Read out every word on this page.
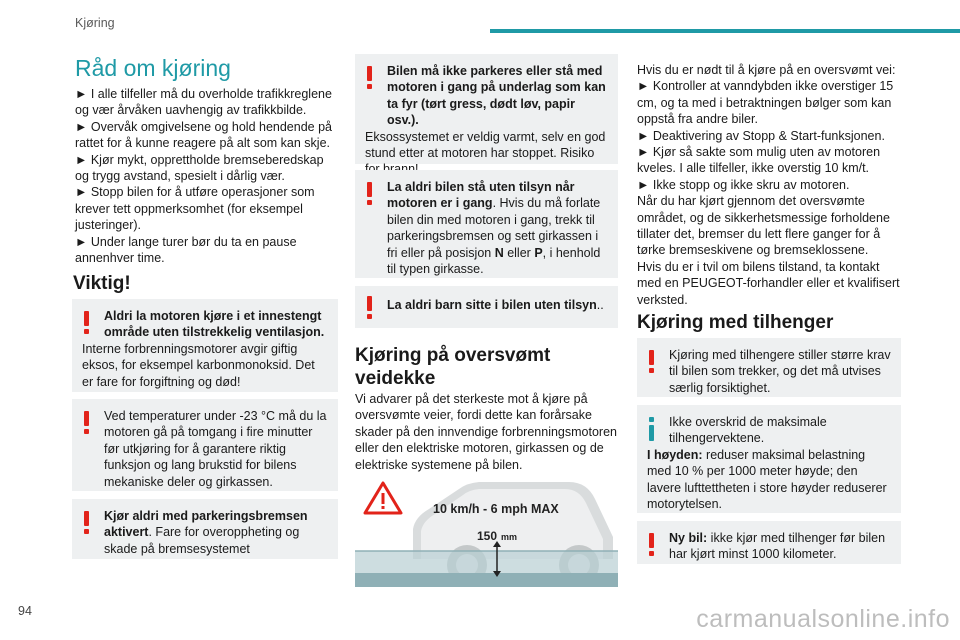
Kjøring
94
Råd om kjøring

► I alle tilfeller må du overholde trafikkreglene og vær årvåken uavhengig av trafikkbilde.

► Overvåk omgivelsene og hold hendende på rattet for å kunne reagere på alt som kan skje.

► Kjør mykt, opprettholde bremseberedskap og trygg avstand, spesielt i dårlig vær.

► Stopp bilen for å utføre operasjoner som krever tett oppmerksomhet (for eksempel justeringer).

► Under lange turer bør du ta en pause annenhver time.

Viktig!
Aldri la motoren kjøre i et innestengt område uten tilstrekkelig ventilasjon.
Interne forbrenningsmotorer avgir giftig eksos, for eksempel karbonmonoksid. Det er fare for forgiftning og død!
Ved temperaturer under -23 °C må du la motoren gå på tomgang i fire minutter før utkjøring for å garantere riktig funksjon og lang brukstid for bilens mekaniske deler og girkassen.
Kjør aldri med parkeringsbremsen aktivert. Fare for overoppheting og skade på bremsesystemet
Bilen må ikke parkeres eller stå med motoren i gang på underlag som kan ta fyr (tørt gress, dødt løv, papir osv.).
Eksossystemet er veldig varmt, selv en god stund etter at motoren har stoppet. Risiko
La aldri bilen stå uten tilsyn når motoren er i gang. Hvis du må forlate bilen din med motoren i gang, trekk til parkeringsbremsen og sett girkassen i fri eller på posisjon N eller P, i henhold til typen girkasse.
La aldri barn sitte i bilen uten tilsyn..
Kjøring på oversvømt veidekke
Vi advarer på det sterkeste mot å kjøre på oversvømte veier, fordi dette kan forårsake skader på den innvendige forbrenningsmotoren eller den elektriske motoren, girkassen og de elektriske systemene på bilen.
10 km/h - 6 mph MAX
150 mm

Hvis du er nødt til å kjøre på en oversvømt vei:

► Kontroller at vanndybden ikke overstiger 15 cm, og ta med i betraktningen bølger som kan oppstå fra andre biler.

► Deaktivering av Stopp & Start-funksjonen.

► Kjør så sakte som mulig uten av motoren kveles. I alle tilfeller, ikke overstig 10 km/t.

► Ikke stopp og ikke skru av motoren.

Når du har kjørt gjennom det oversvømte området, og de sikkerhetsmessige forholdene tillater det, bremser du lett flere ganger for å tørke bremseskivene og bremseklossene.

Hvis du er i tvil om bilens tilstand, ta kontakt med en PEUGEOT-forhandler eller et kvalifisert verksted.

Kjøring med tilhenger
Kjøring med tilhengere stiller større krav til bilen som trekker, og det må utvises særlig forsiktighet.
Ikke overskrid de maksimale tilhengervektene.
I høyden: reduser maksimal belastning med 10 % per 1000 meter høyde; den lavere lufttettheten i store høyder reduserer motorytelsen.
Ny bil: ikke kjør med tilhenger før bilen har kjørt minst 1000 kilometer.
carmanualsonline.info
